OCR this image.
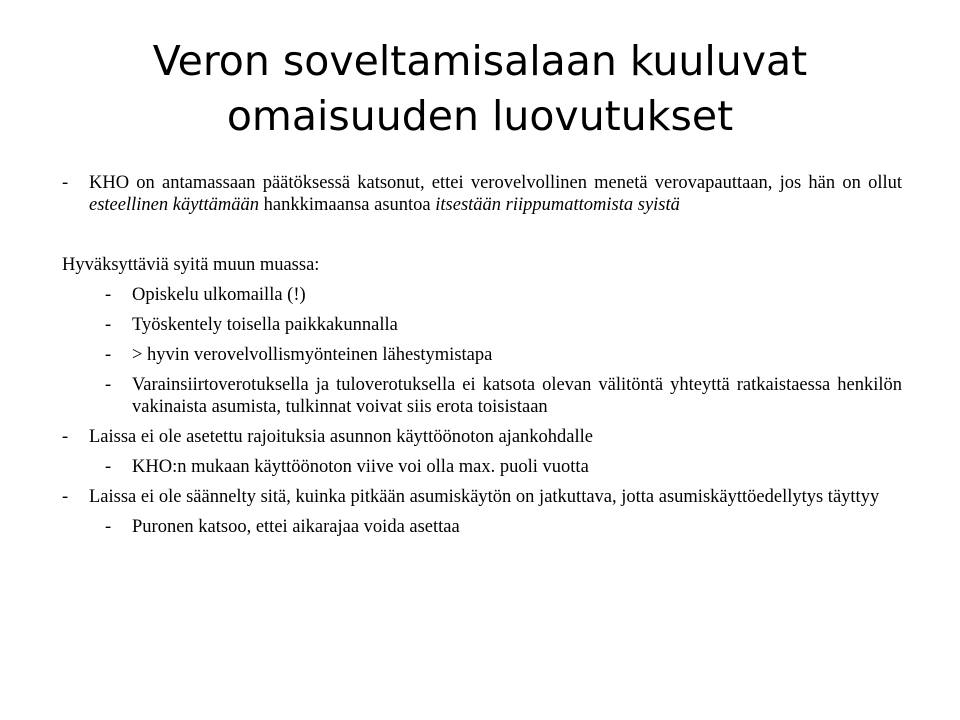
Veron soveltamisalaan kuuluvat
omaisuuden luovutukset
-	KHO on antamassaan päätöksessä katsonut, ettei verovelvollinen menetä verovapauttaan, jos hän on ollut esteellinen käyttämään hankkimaansa asuntoa itsestään riippumattomista syistä
Hyväksyttäviä syitä muun muassa:
-	Opiskelu ulkomailla (!)
-	Työskentely toisella paikkakunnalla
-	> hyvin verovelvollismyönteinen lähestymistapa
-	Varainsiirtoverotuksella ja tuloverotuksella ei katsota olevan välitöntä yhteyttä ratkaistaessa henkilön vakinaista asumista, tulkinnat voivat siis erota toisistaan
-	Laissa ei ole asetettu rajoituksia asunnon käyttöönoton ajankohdalle
-	KHO:n mukaan käyttöönoton viive voi olla max. puoli vuotta
-	Laissa ei ole säännelty sitä, kuinka pitkään asumiskäytön on jatkuttava, jotta asumiskäyttöedellytys täyttyy
-	Puronen katsoo, ettei aikarajaa voida asettaa
